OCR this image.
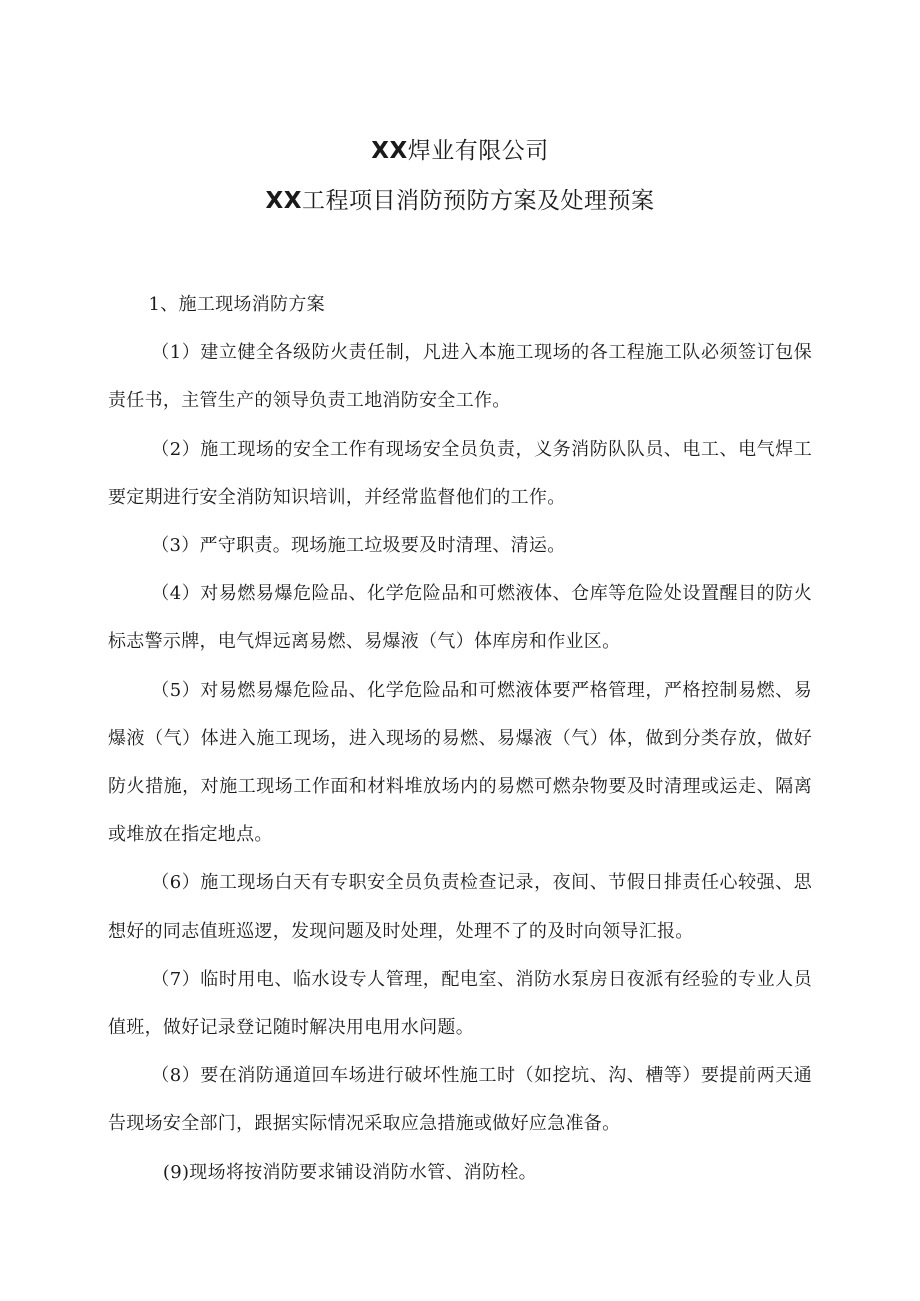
XX焊业有限公司
XX工程项目消防预防方案及处理预案

1、施工现场消防方案

（1）建立健全各级防火责任制，凡进入本施工现场的各工程施工队必须签订包保责任书，主管生产的领导负责工地消防安全工作。

（2）施工现场的安全工作有现场安全员负责，义务消防队队员、电工、电气焊工要定期进行安全消防知识培训，并经常监督他们的工作。

（3）严守职责。现场施工垃圾要及时清理、清运。

（4）对易燃易爆危险品、化学危险品和可燃液体、仓库等危险处设置醒目的防火标志警示牌，电气焊远离易燃、易爆液（气）体库房和作业区。

（5）对易燃易爆危险品、化学危险品和可燃液体要严格管理，严格控制易燃、易爆液（气）体进入施工现场，进入现场的易燃、易爆液（气）体，做到分类存放，做好防火措施，对施工现场工作面和材料堆放场内的易燃可燃杂物要及时清理或运走、隔离或堆放在指定地点。

（6）施工现场白天有专职安全员负责检查记录，夜间、节假日排责任心较强、思想好的同志值班巡逻，发现问题及时处理，处理不了的及时向领导汇报。

（7）临时用电、临水设专人管理，配电室、消防水泵房日夜派有经验的专业人员值班，做好记录登记随时解决用电用水问题。

（8）要在消防通道回车场进行破坏性施工时（如挖坑、沟、槽等）要提前两天通告现场安全部门，跟据实际情况采取应急措施或做好应急准备。

(9)现场将按消防要求铺设消防水管、消防栓。
